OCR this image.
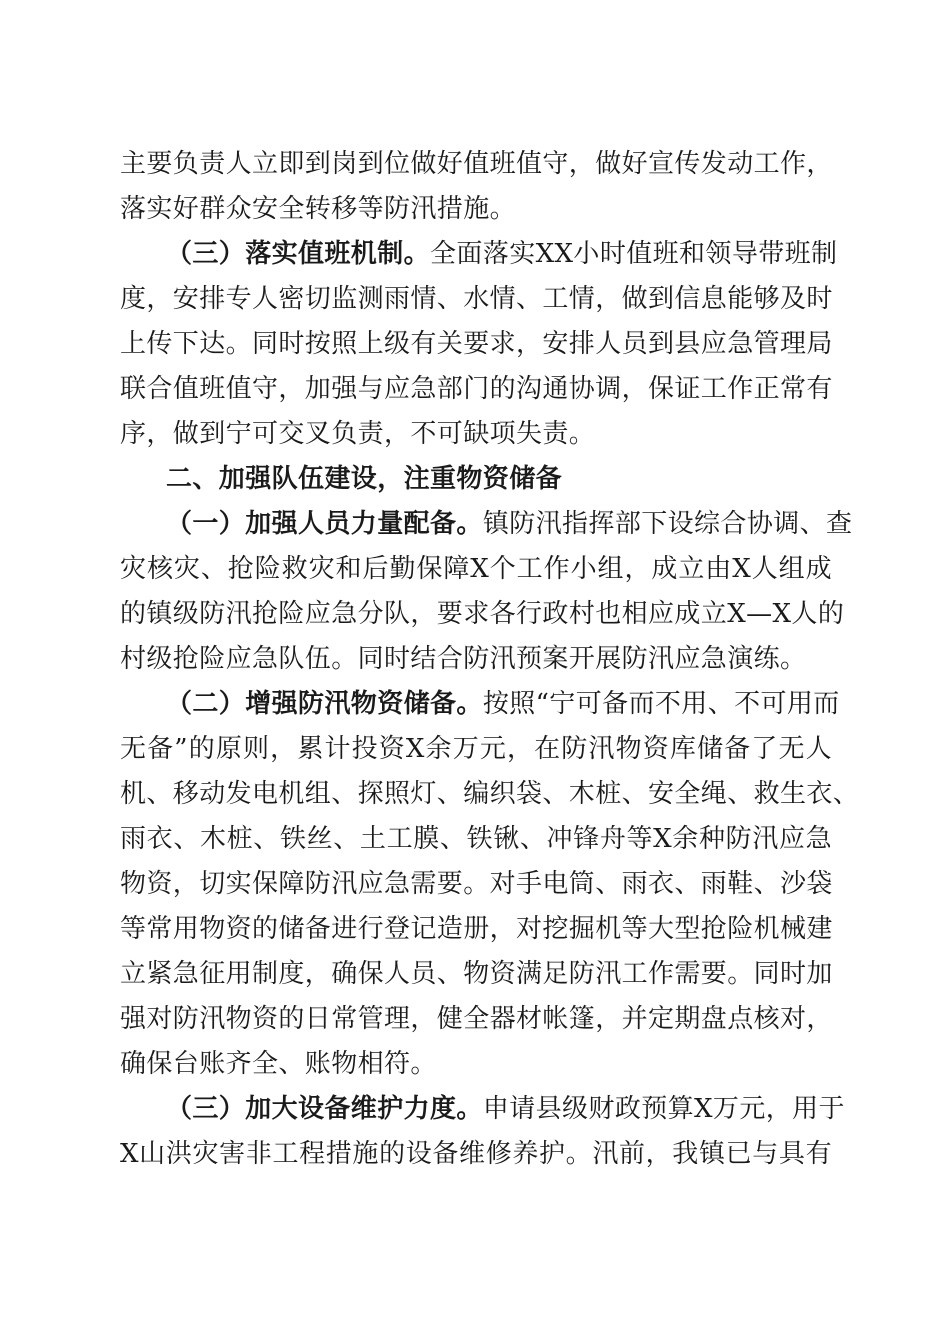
主要负责人立即到岗到位做好值班值守，做好宣传发动工作，
落实好群众安全转移等防汛措施。
（三）落实值班机制。全面落实XX小时值班和领导带班制
度，安排专人密切监测雨情、水情、工情，做到信息能够及时
上传下达。同时按照上级有关要求，安排人员到县应急管理局
联合值班值守，加强与应急部门的沟通协调，保证工作正常有
序，做到宁可交叉负责，不可缺项失责。
二、加强队伍建设，注重物资储备
（一）加强人员力量配备。镇防汛指挥部下设综合协调、查
灾核灾、抢险救灾和后勤保障X个工作小组，成立由X人组成
的镇级防汛抢险应急分队，要求各行政村也相应成立X—X人的
村级抢险应急队伍。同时结合防汛预案开展防汛应急演练。
（二）增强防汛物资储备。按照“宁可备而不用、不可用而
无备”的原则，累计投资X余万元，在防汛物资库储备了无人
机、移动发电机组、探照灯、编织袋、木桩、安全绳、救生衣、
雨衣、木桩、铁丝、土工膜、铁锹、冲锋舟等X余种防汛应急
物资，切实保障防汛应急需要。对手电筒、雨衣、雨鞋、沙袋
等常用物资的储备进行登记造册，对挖掘机等大型抢险机械建
立紧急征用制度，确保人员、物资满足防汛工作需要。同时加
强对防汛物资的日常管理，健全器材帐篷，并定期盘点核对，
确保台账齐全、账物相符。
（三）加大设备维护力度。申请县级财政预算X万元，用于
X山洪灾害非工程措施的设备维修养护。汛前，我镇已与具有
